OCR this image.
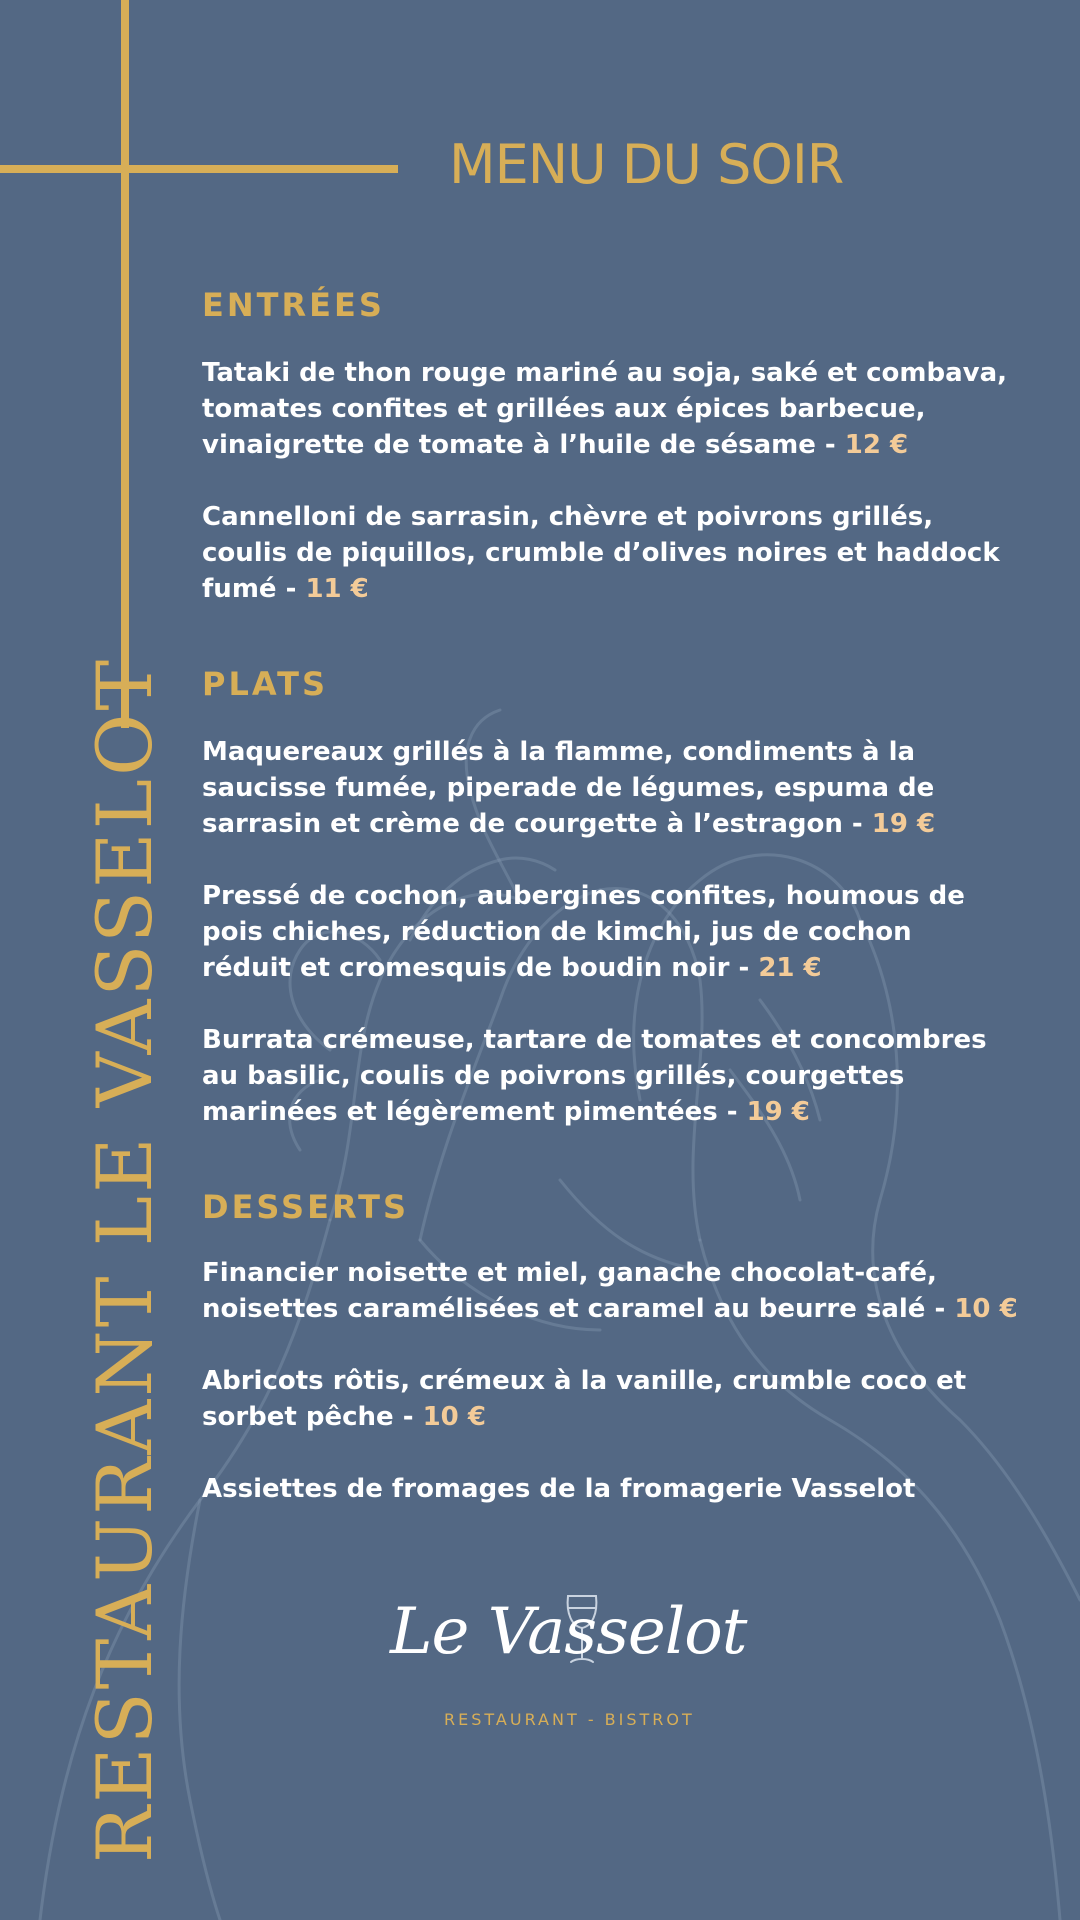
RESTAURANT LE VASSELOT
MENU DU SOIR
ENTRÉES
Tataki de thon rouge mariné au soja, saké et combava,
tomates confites et grillées aux épices barbecue,
vinaigrette de tomate à l’huile de sésame - 12 €
Cannelloni de sarrasin, chèvre et poivrons grillés,
coulis de piquillos, crumble d’olives noires et haddock
fumé - 11 €
PLATS
Maquereaux grillés à la flamme, condiments à la
saucisse fumée, piperade de légumes, espuma de
sarrasin et crème de courgette à l’estragon - 19 €
Pressé de cochon, aubergines confites, houmous de
pois chiches, réduction de kimchi, jus de cochon
réduit et cromesquis de boudin noir - 21 €
Burrata crémeuse, tartare de tomates et concombres
au basilic, coulis de poivrons grillés, courgettes
marinées et légèrement pimentées - 19 €
DESSERTS
Financier noisette et miel, ganache chocolat-café,
noisettes caramélisées et caramel au beurre salé - 10 €
Abricots rôtis, crémeux à la vanille, crumble coco et
sorbet pêche - 10 €
Assiettes de fromages de la fromagerie Vasselot
Le Vasselot
RESTAURANT - BISTROT
